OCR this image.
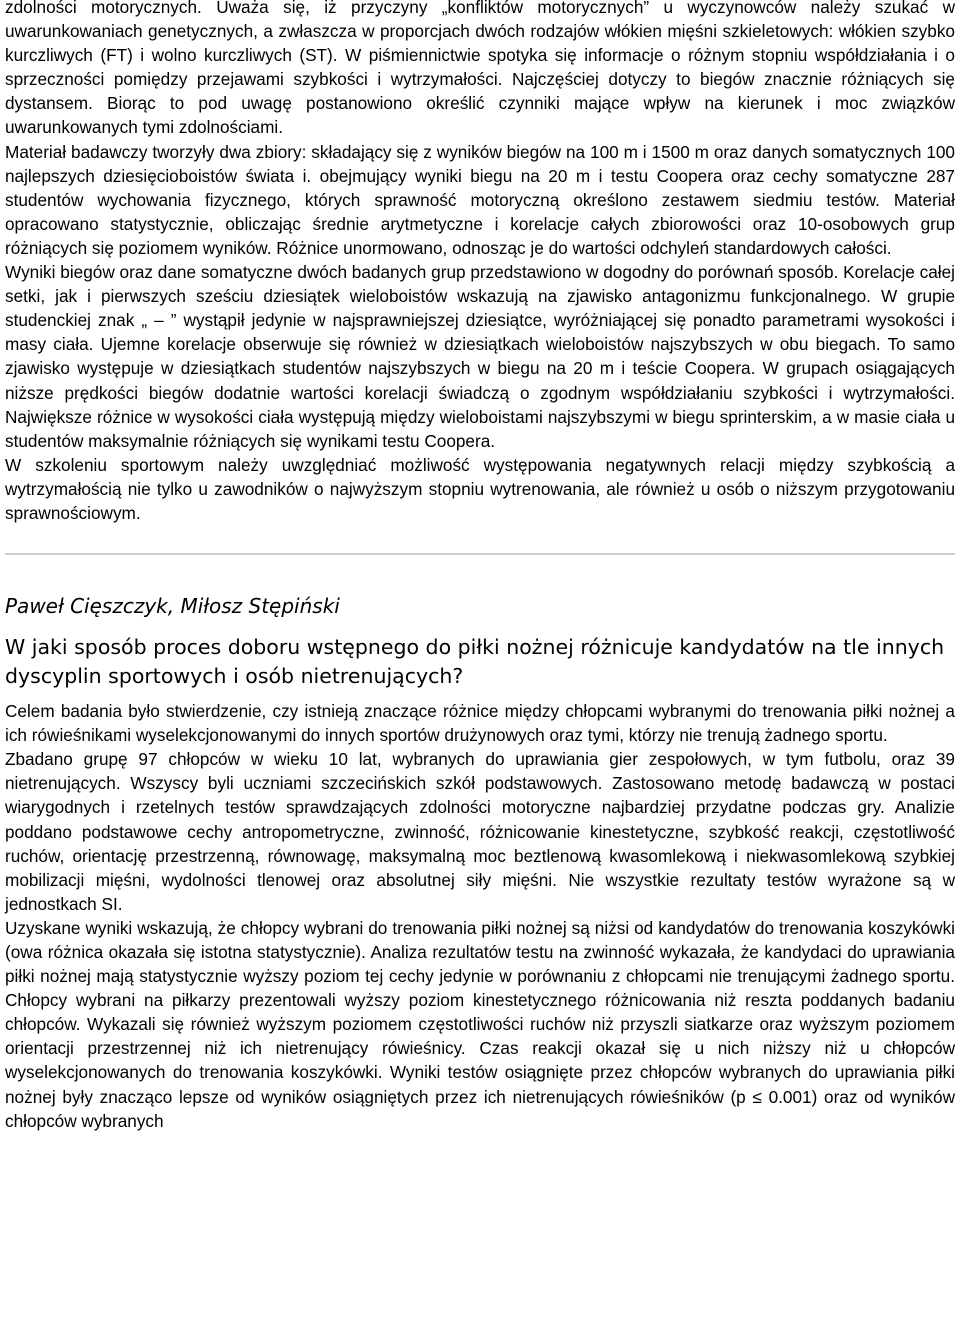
zdolności motorycznych. Uważa się, iż przyczyny „konfliktów motorycznych” u wyczynowców należy szukać w uwarunkowaniach genetycznych, a zwłaszcza w proporcjach dwóch rodzajów włókien mięśni szkieletowych: włókien szybko kurczliwych (FT) i wolno kurczliwych (ST). W piśmiennictwie spotyka się informacje o różnym stopniu współdziałania i o sprzeczności pomiędzy przejawami szybkości i wytrzymałości. Najczęściej dotyczy to biegów znacznie różniących się dystansem. Biorąc to pod uwagę postanowiono określić czynniki mające wpływ na kierunek i moc związków uwarunkowanych tymi zdolnościami.

Materiał badawczy tworzyły dwa zbiory: składający się z wyników biegów na 100 m i 1500 m oraz danych somatycznych 100 najlepszych dziesięcioboistów świata i. obejmujący wyniki biegu na 20 m i testu Coopera oraz cechy somatyczne 287 studentów wychowania fizycznego, których sprawność motoryczną określono zestawem siedmiu testów. Materiał opracowano statystycznie, obliczając średnie arytmetyczne i korelacje całych zbiorowości oraz 10-osobowych grup różniących się poziomem wyników. Różnice unormowano, odnosząc je do wartości odchyleń standardowych całości.

Wyniki biegów oraz dane somatyczne dwóch badanych grup przedstawiono w dogodny do porównań sposób. Korelacje całej setki, jak i pierwszych sześciu dziesiątek wieloboistów wskazują na zjawisko antagonizmu funkcjonalnego. W grupie studenckiej znak „ – ” wystąpił jedynie w najsprawniejszej dziesiątce, wyróżniającej się ponadto parametrami wysokości i masy ciała. Ujemne korelacje obserwuje się również w dziesiątkach wieloboistów najszybszych w obu biegach. To samo zjawisko występuje w dziesiątkach studentów najszybszych w biegu na 20 m i teście Coopera. W grupach osiągających niższe prędkości biegów dodatnie wartości korelacji świadczą o zgodnym współdziałaniu szybkości i wytrzymałości. Największe różnice w wysokości ciała występują między wieloboistami najszybszymi w biegu sprinterskim, a w masie ciała u studentów maksymalnie różniących się wynikami testu Coopera.

W szkoleniu sportowym należy uwzględniać możliwość występowania negatywnych relacji między szybkością a wytrzymałością nie tylko u zawodników o najwyższym stopniu wytrenowania, ale również u osób o niższym przygotowaniu sprawnościowym.

Paweł Cięszczyk, Miłosz Stępiński
W jaki sposób proces doboru wstępnego do piłki nożnej różnicuje kandydatów na tle innych dyscyplin sportowych i osób nietrenujących?

Celem badania było stwierdzenie, czy istnieją znaczące różnice między chłopcami wybranymi do trenowania piłki nożnej a ich rówieśnikami wyselekcjonowanymi do innych sportów drużynowych oraz tymi, którzy nie trenują żadnego sportu.

Zbadano grupę 97 chłopców w wieku 10 lat, wybranych do uprawiania gier zespołowych, w tym futbolu, oraz 39 nietrenujących. Wszyscy byli uczniami szczecińskich szkół podstawowych. Zastosowano metodę badawczą w postaci wiarygodnych i rzetelnych testów sprawdzających zdolności motoryczne najbardziej przydatne podczas gry. Analizie poddano podstawowe cechy antropometryczne, zwinność, różnicowanie kinestetyczne, szybkość reakcji, częstotliwość ruchów, orientację przestrzenną, równowagę, maksymalną moc beztlenową kwasomlekową i niekwasomlekową szybkiej mobilizacji mięśni, wydolności tlenowej oraz absolutnej siły mięśni. Nie wszystkie rezultaty testów wyrażone są w jednostkach SI.

Uzyskane wyniki wskazują, że chłopcy wybrani do trenowania piłki nożnej są niżsi od kandydatów do trenowania koszykówki (owa różnica okazała się istotna statystycznie). Analiza rezultatów testu na zwinność wykazała, że kandydaci do uprawiania piłki nożnej mają statystycznie wyższy poziom tej cechy jedynie w porównaniu z chłopcami nie trenującymi żadnego sportu. Chłopcy wybrani na piłkarzy prezentowali wyższy poziom kinestetycznego różnicowania niż reszta poddanych badaniu chłopców. Wykazali się również wyższym poziomem częstotliwości ruchów niż przyszli siatkarze oraz wyższym poziomem orientacji przestrzennej niż ich nietrenujący rówieśnicy. Czas reakcji okazał się u nich niższy niż u chłopców wyselekcjonowanych do trenowania koszykówki. Wyniki testów osiągnięte przez chłopców wybranych do uprawiania piłki nożnej były znacząco lepsze od wyników osiągniętych przez ich nietrenujących rówieśników (p ≤ 0.001) oraz od wyników chłopców wybranych
